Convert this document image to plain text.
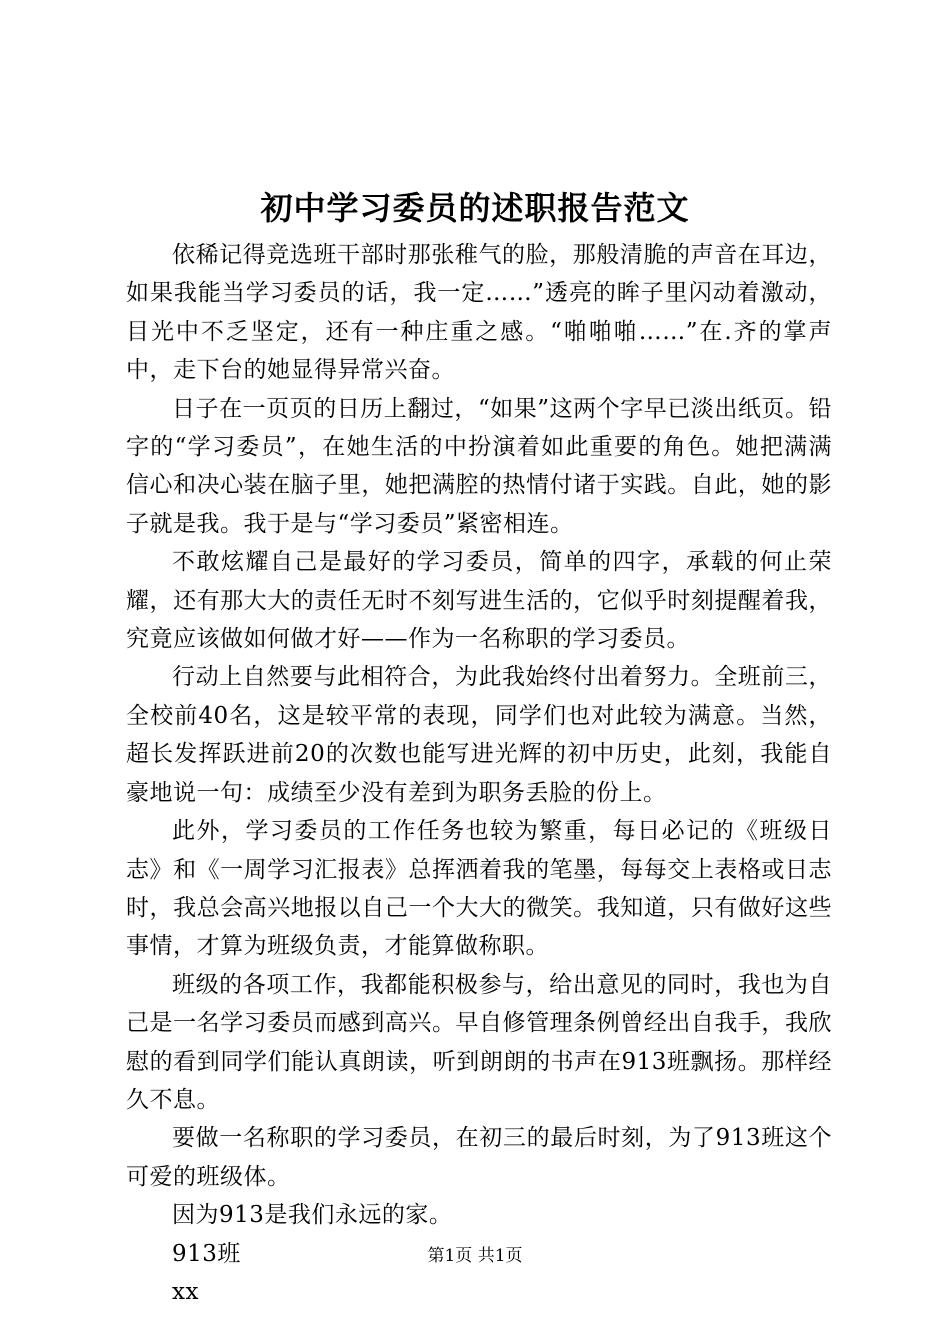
初中学习委员的述职报告范文

依稀记得竞选班干部时那张稚气的脸，那般清脆的声音在耳边，如果我能当学习委员的话，我一定……”透亮的眸子里闪动着激动，目光中不乏坚定，还有一种庄重之感。“啪啪啪……”在.齐的掌声中，走下台的她显得异常兴奋。

日子在一页页的日历上翻过，“如果”这两个字早已淡出纸页。铅字的“学习委员”，在她生活的中扮演着如此重要的角色。她把满满信心和决心装在脑子里，她把满腔的热情付诸于实践。自此，她的影子就是我。我于是与“学习委员”紧密相连。

不敢炫耀自己是最好的学习委员，简单的四字，承载的何止荣耀，还有那大大的责任无时不刻写进生活的，它似乎时刻提醒着我，究竟应该做如何做才好——作为一名称职的学习委员。

行动上自然要与此相符合，为此我始终付出着努力。全班前三，全校前40名，这是较平常的表现，同学们也对此较为满意。当然，超长发挥跃进前20的次数也能写进光辉的初中历史，此刻，我能自豪地说一句：成绩至少没有差到为职务丢脸的份上。

此外，学习委员的工作任务也较为繁重，每日必记的《班级日志》和《一周学习汇报表》总挥洒着我的笔墨，每每交上表格或日志时，我总会高兴地报以自己一个大大的微笑。我知道，只有做好这些事情，才算为班级负责，才能算做称职。

班级的各项工作，我都能积极参与，给出意见的同时，我也为自己是一名学习委员而感到高兴。早自修管理条例曾经出自我手，我欣慰的看到同学们能认真朗读，听到朗朗的书声在913班飘扬。那样经久不息。

要做一名称职的学习委员，在初三的最后时刻，为了913班这个可爱的班级体。

因为913是我们永远的家。

913班

xx

第1页 共1页
